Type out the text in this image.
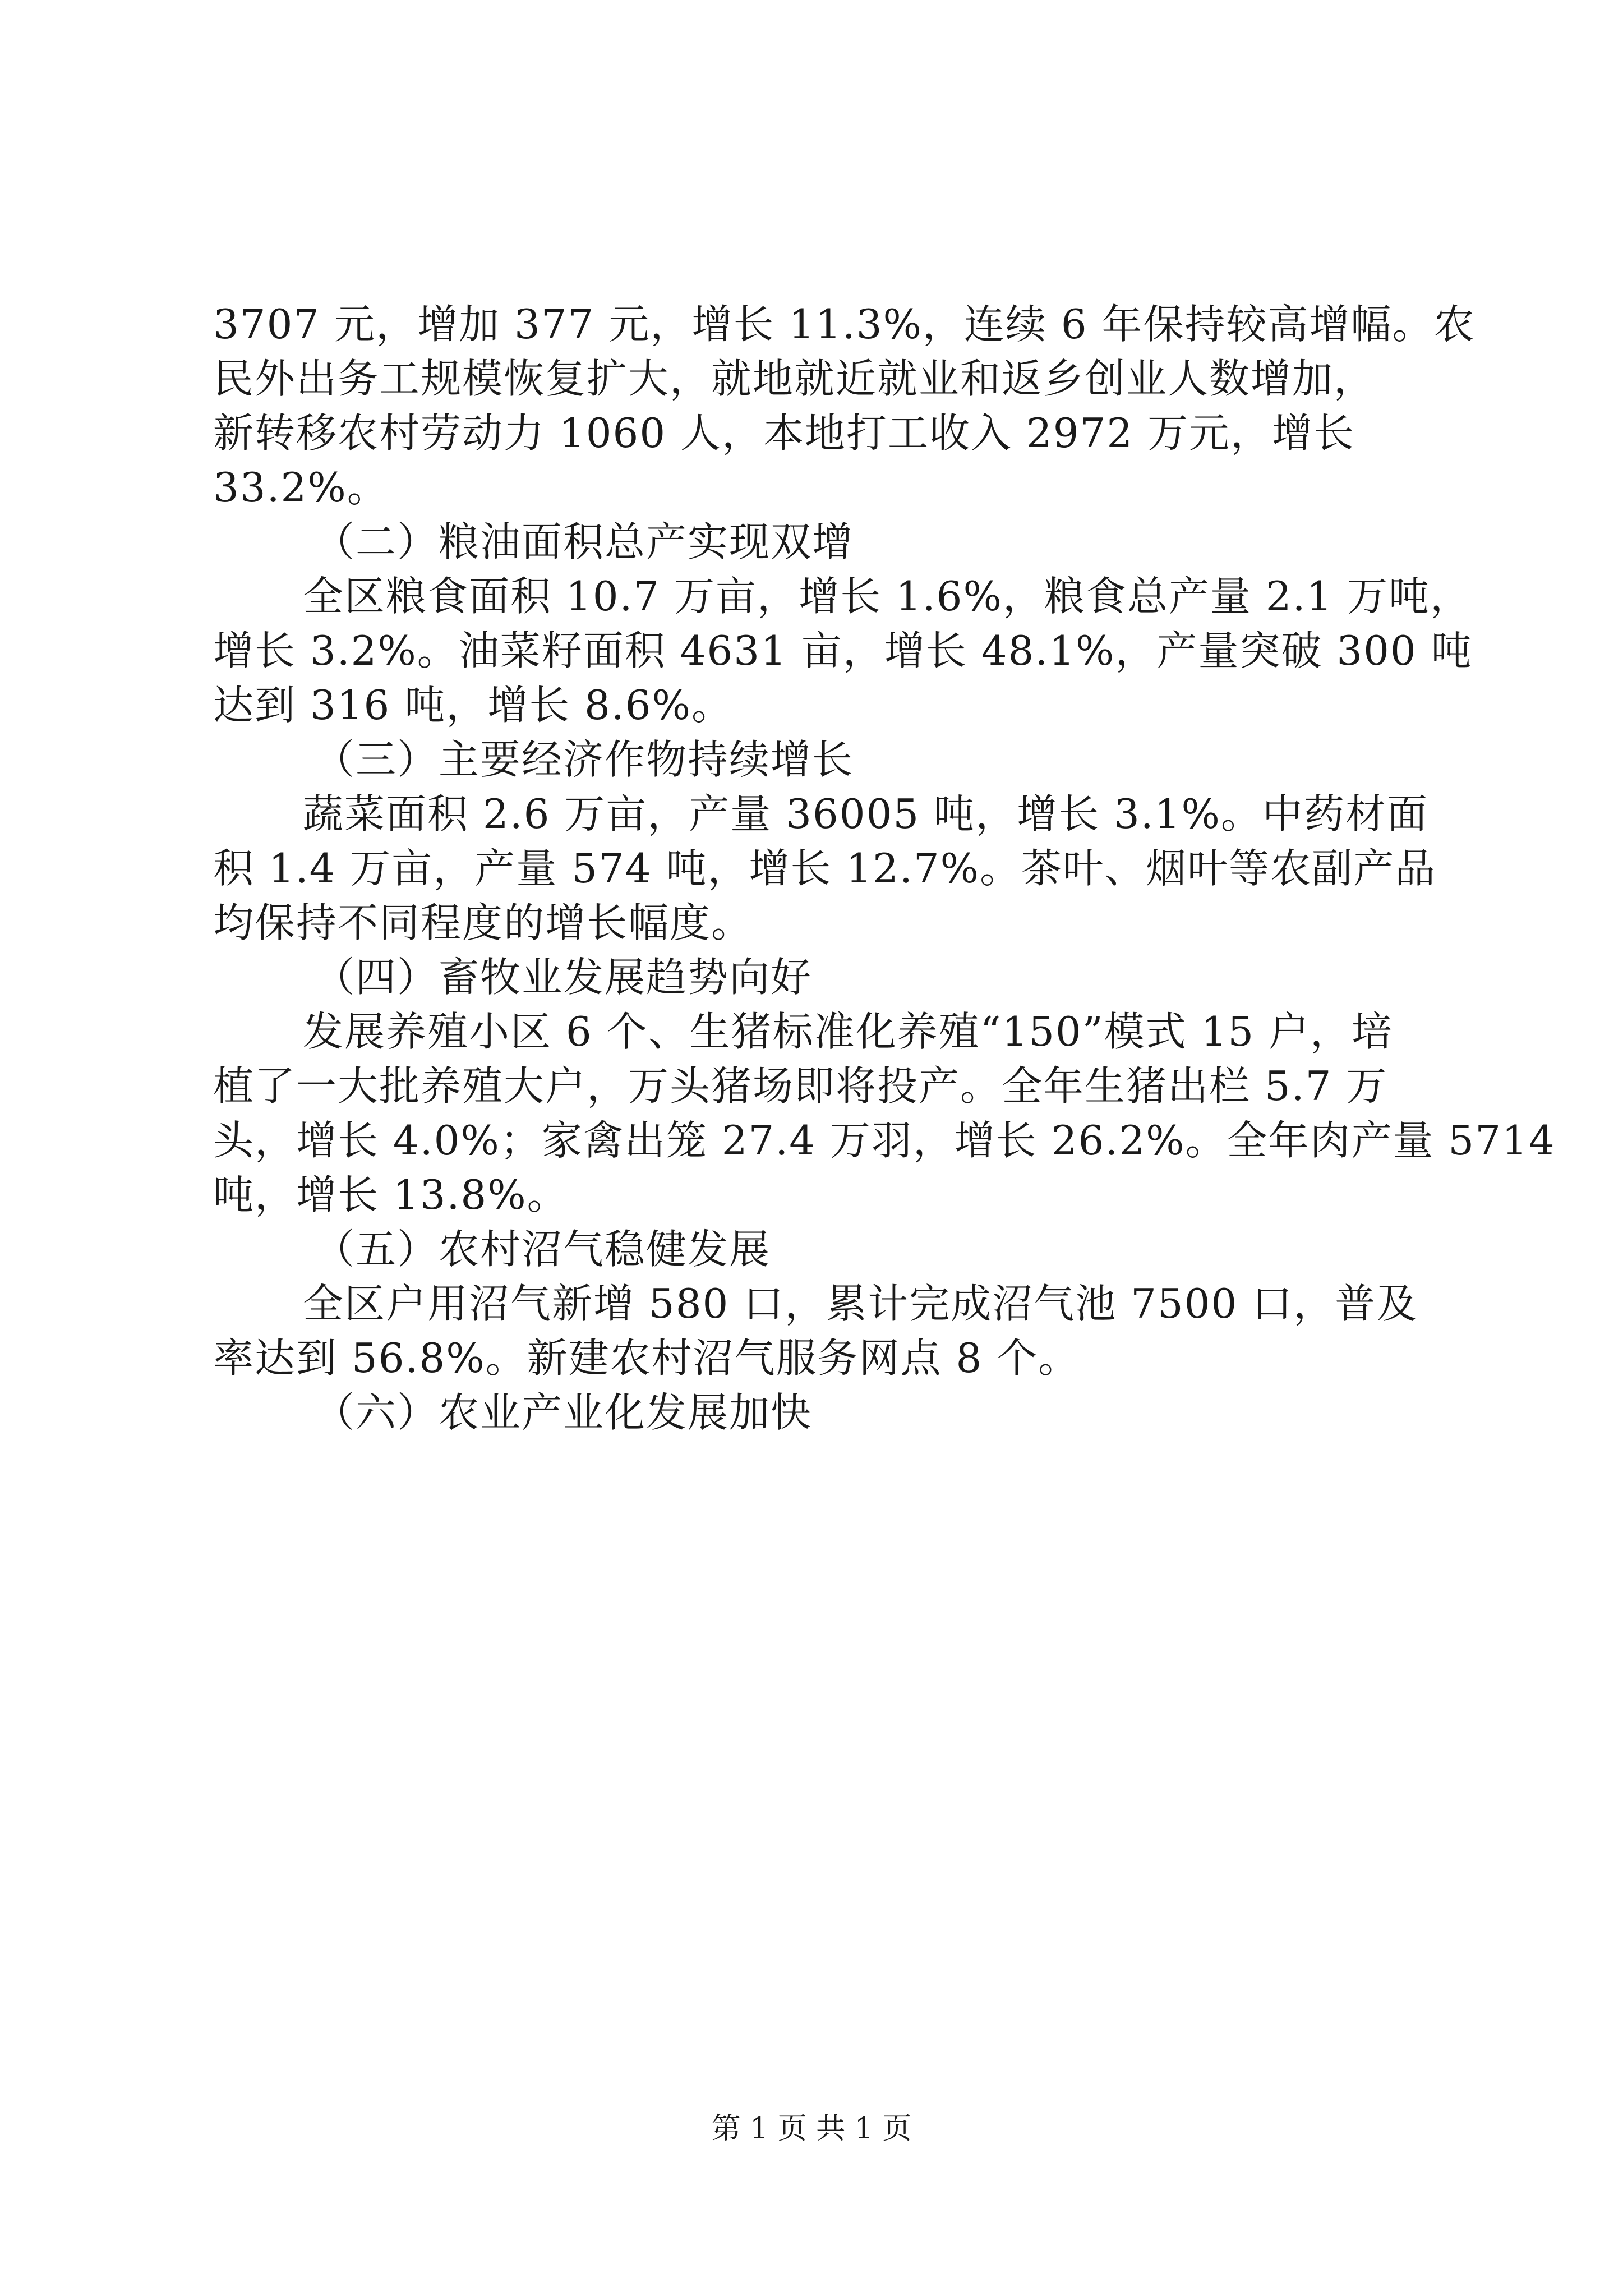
3707 元，增加 377 元，增长 11.3%，连续 6 年保持较高增幅。农
民外出务工规模恢复扩大，就地就近就业和返乡创业人数增加，
新转移农村劳动力 1060 人，本地打工收入 2972 万元，增长
33.2%。
（二）粮油面积总产实现双增
全区粮食面积 10.7 万亩，增长 1.6%，粮食总产量 2.1 万吨，
增长 3.2%。油菜籽面积 4631 亩，增长 48.1%，产量突破 300 吨
达到 316 吨，增长 8.6%。
（三）主要经济作物持续增长
蔬菜面积 2.6 万亩，产量 36005 吨，增长 3.1%。中药材面
积 1.4 万亩，产量 574 吨，增长 12.7%。茶叶、烟叶等农副产品
均保持不同程度的增长幅度。
（四）畜牧业发展趋势向好
发展养殖小区 6 个、生猪标准化养殖“150”模式 15 户，培
植了一大批养殖大户，万头猪场即将投产。全年生猪出栏 5.7 万
头，增长 4.0%；家禽出笼 27.4 万羽，增长 26.2%。全年肉产量 5714
吨，增长 13.8%。
（五）农村沼气稳健发展
全区户用沼气新增 580 口，累计完成沼气池 7500 口，普及
率达到 56.8%。新建农村沼气服务网点 8 个。
（六）农业产业化发展加快
第 1 页 共 1 页
